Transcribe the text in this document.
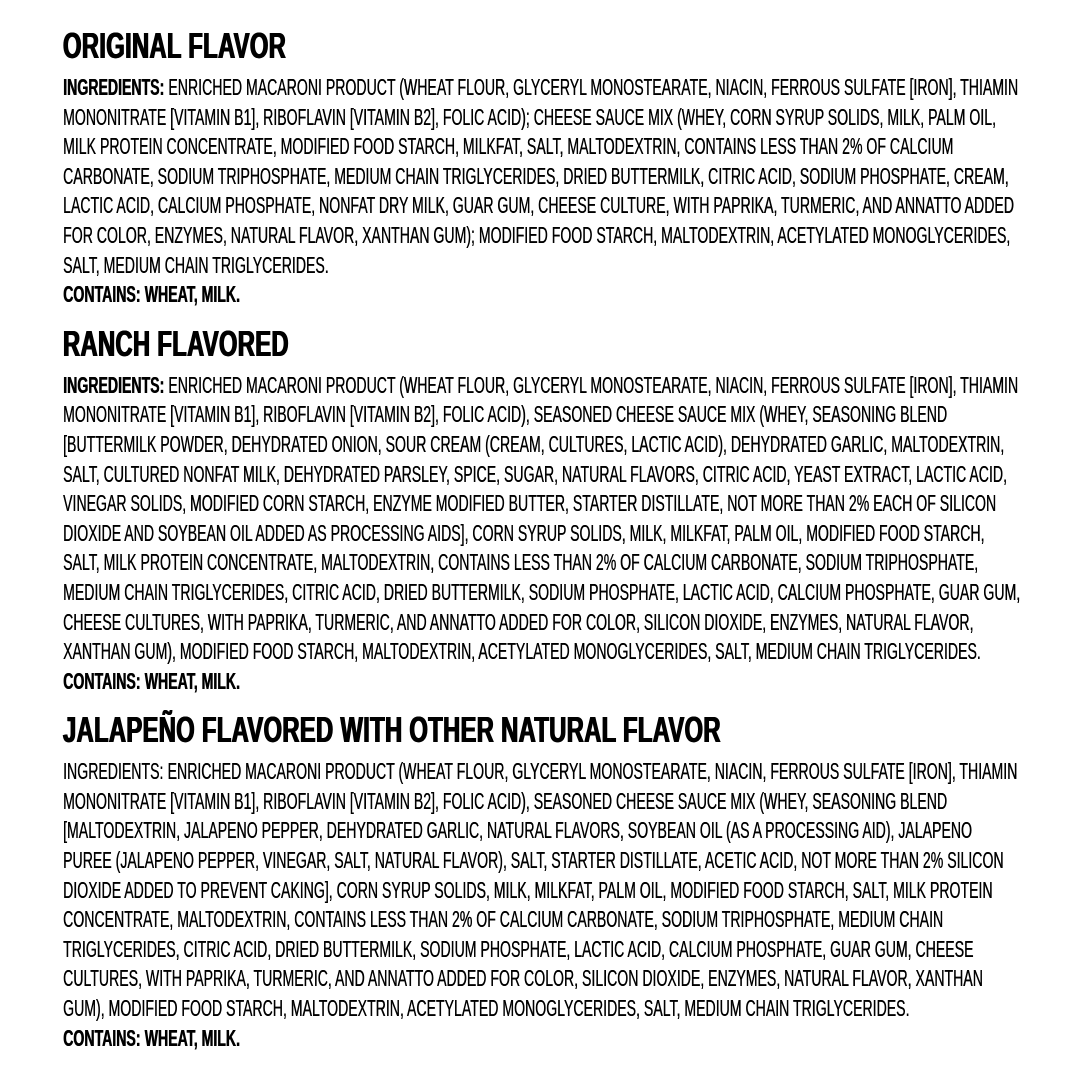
ORIGINAL FLAVOR

INGREDIENTS: ENRICHED MACARONI PRODUCT (WHEAT FLOUR, GLYCERYL MONOSTEARATE, NIACIN, FERROUS SULFATE [IRON], THIAMIN MONONITRATE [VITAMIN B1], RIBOFLAVIN [VITAMIN B2], FOLIC ACID); CHEESE SAUCE MIX (WHEY, CORN SYRUP SOLIDS, MILK, PALM OIL, MILK PROTEIN CONCENTRATE, MODIFIED FOOD STARCH, MILKFAT, SALT, MALTODEXTRIN, CONTAINS LESS THAN 2% OF CALCIUM CARBONATE, SODIUM TRIPHOSPHATE, MEDIUM CHAIN TRIGLYCERIDES, DRIED BUTTERMILK, CITRIC ACID, SODIUM PHOSPHATE, CREAM, LACTIC ACID, CALCIUM PHOSPHATE, NONFAT DRY MILK, GUAR GUM, CHEESE CULTURE, WITH PAPRIKA, TURMERIC, AND ANNATTO ADDED FOR COLOR, ENZYMES, NATURAL FLAVOR, XANTHAN GUM); MODIFIED FOOD STARCH, MALTODEXTRIN, ACETYLATED MONOGLYCERIDES, SALT, MEDIUM CHAIN TRIGLYCERIDES.

CONTAINS: WHEAT, MILK.

RANCH FLAVORED

INGREDIENTS: ENRICHED MACARONI PRODUCT (WHEAT FLOUR, GLYCERYL MONOSTEARATE, NIACIN, FERROUS SULFATE [IRON], THIAMIN MONONITRATE [VITAMIN B1], RIBOFLAVIN [VITAMIN B2], FOLIC ACID), SEASONED CHEESE SAUCE MIX (WHEY, SEASONING BLEND [BUTTERMILK POWDER, DEHYDRATED ONION, SOUR CREAM (CREAM, CULTURES, LACTIC ACID), DEHYDRATED GARLIC, MALTODEXTRIN, SALT, CULTURED NONFAT MILK, DEHYDRATED PARSLEY, SPICE, SUGAR, NATURAL FLAVORS, CITRIC ACID, YEAST EXTRACT, LACTIC ACID, VINEGAR SOLIDS, MODIFIED CORN STARCH, ENZYME MODIFIED BUTTER, STARTER DISTILLATE, NOT MORE THAN 2% EACH OF SILICON DIOXIDE AND SOYBEAN OIL ADDED AS PROCESSING AIDS], CORN SYRUP SOLIDS, MILK, MILKFAT, PALM OIL, MODIFIED FOOD STARCH, SALT, MILK PROTEIN CONCENTRATE, MALTODEXTRIN, CONTAINS LESS THAN 2% OF CALCIUM CARBONATE, SODIUM TRIPHOSPHATE, MEDIUM CHAIN TRIGLYCERIDES, CITRIC ACID, DRIED BUTTERMILK, SODIUM PHOSPHATE, LACTIC ACID, CALCIUM PHOSPHATE, GUAR GUM, CHEESE CULTURES, WITH PAPRIKA, TURMERIC, AND ANNATTO ADDED FOR COLOR, SILICON DIOXIDE, ENZYMES, NATURAL FLAVOR, XANTHAN GUM), MODIFIED FOOD STARCH, MALTODEXTRIN, ACETYLATED MONOGLYCERIDES, SALT, MEDIUM CHAIN TRIGLYCERIDES.

CONTAINS: WHEAT, MILK.

JALAPEÑO FLAVORED WITH OTHER NATURAL FLAVOR

INGREDIENTS: ENRICHED MACARONI PRODUCT (WHEAT FLOUR, GLYCERYL MONOSTEARATE, NIACIN, FERROUS SULFATE [IRON], THIAMIN MONONITRATE [VITAMIN B1], RIBOFLAVIN [VITAMIN B2], FOLIC ACID), SEASONED CHEESE SAUCE MIX (WHEY, SEASONING BLEND [MALTODEXTRIN, JALAPENO PEPPER, DEHYDRATED GARLIC, NATURAL FLAVORS, SOYBEAN OIL (AS A PROCESSING AID), JALAPENO PUREE (JALAPENO PEPPER, VINEGAR, SALT, NATURAL FLAVOR), SALT, STARTER DISTILLATE, ACETIC ACID, NOT MORE THAN 2% SILICON DIOXIDE ADDED TO PREVENT CAKING], CORN SYRUP SOLIDS, MILK, MILKFAT, PALM OIL, MODIFIED FOOD STARCH, SALT, MILK PROTEIN CONCENTRATE, MALTODEXTRIN, CONTAINS LESS THAN 2% OF CALCIUM CARBONATE, SODIUM TRIPHOSPHATE, MEDIUM CHAIN TRIGLYCERIDES, CITRIC ACID, DRIED BUTTERMILK, SODIUM PHOSPHATE, LACTIC ACID, CALCIUM PHOSPHATE, GUAR GUM, CHEESE CULTURES, WITH PAPRIKA, TURMERIC, AND ANNATTO ADDED FOR COLOR, SILICON DIOXIDE, ENZYMES, NATURAL FLAVOR, XANTHAN GUM), MODIFIED FOOD STARCH, MALTODEXTRIN, ACETYLATED MONOGLYCERIDES, SALT, MEDIUM CHAIN TRIGLYCERIDES.

CONTAINS: WHEAT, MILK.
